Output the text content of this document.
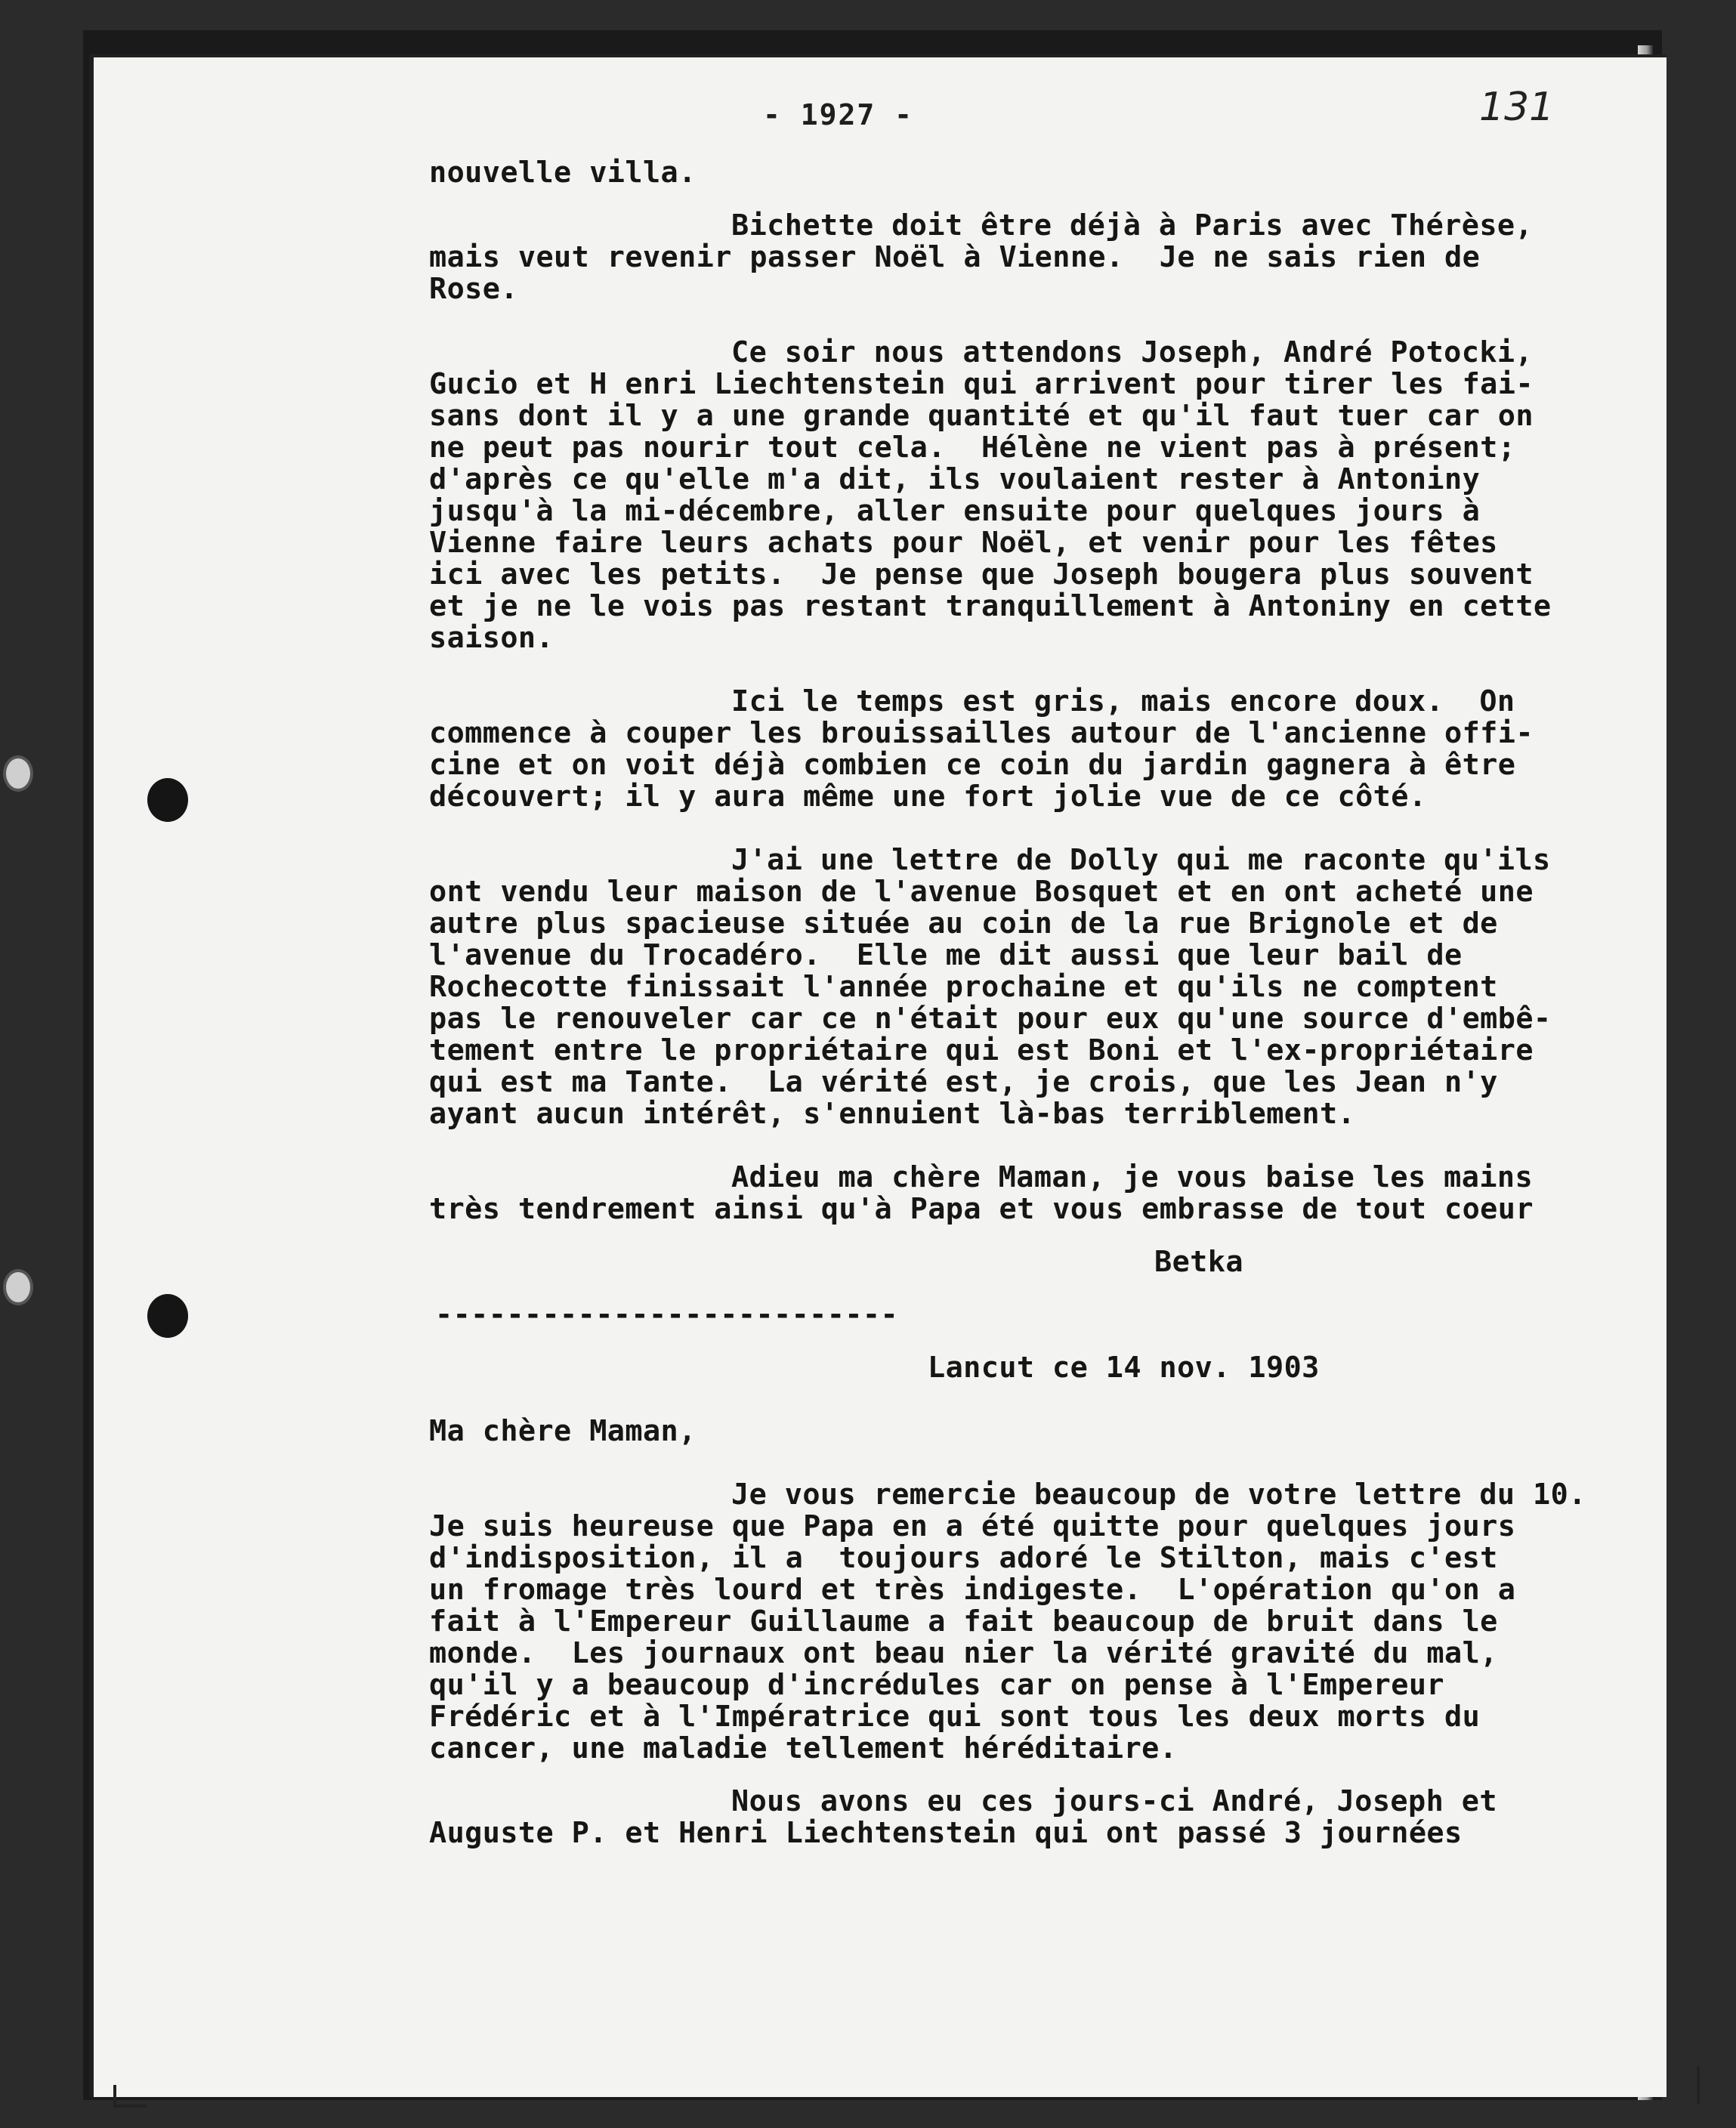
- 1927 -	131
nouvelle villa.
Bichette doit être déjà à Paris avec Thérèse,
mais veut revenir passer Noël à Vienne.  Je ne sais rien de
Rose.
Ce soir nous attendons Joseph, André Potocki,
Gucio et H enri Liechtenstein qui arrivent pour tirer les fai-
sans dont il y a une grande quantité et qu'il faut tuer car on
ne peut pas nourir tout cela.  Hélène ne vient pas à présent;
d'après ce qu'elle m'a dit, ils voulaient rester à Antoniny
jusqu'à la mi-décembre, aller ensuite pour quelques jours à
Vienne faire leurs achats pour Noël, et venir pour les fêtes
ici avec les petits.  Je pense que Joseph bougera plus souvent
et je ne le vois pas restant tranquillement à Antoniny en cette
saison.
Ici le temps est gris, mais encore doux.  On
commence à couper les brouissailles autour de l'ancienne offi-
cine et on voit déjà combien ce coin du jardin gagnera à être
découvert; il y aura même une fort jolie vue de ce côté.
J'ai une lettre de Dolly qui me raconte qu'ils
ont vendu leur maison de l'avenue Bosquet et en ont acheté une
autre plus spacieuse située au coin de la rue Brignole et de
l'avenue du Trocadéro.  Elle me dit aussi que leur bail de
Rochecotte finissait l'année prochaine et qu'ils ne comptent
pas le renouveler car ce n'était pour eux qu'une source d'embê-
tement entre le propriétaire qui est Boni et l'ex-propriétaire
qui est ma Tante.  La vérité est, je crois, que les Jean n'y
ayant aucun intérêt, s'ennuient là-bas terriblement.
Adieu ma chère Maman, je vous baise les mains
très tendrement ainsi qu'à Papa et vous embrasse de tout coeur
Betka
--------------------------
Lancut ce 14 nov. 1903
Ma chère Maman,
Je vous remercie beaucoup de votre lettre du 10.
Je suis heureuse que Papa en a été quitte pour quelques jours
d'indisposition, il a  toujours adoré le Stilton, mais c'est
un fromage très lourd et très indigeste.  L'opération qu'on a
fait à l'Empereur Guillaume a fait beaucoup de bruit dans le
monde.  Les journaux ont beau nier la vérité gravité du mal,
qu'il y a beaucoup d'incrédules car on pense à l'Empereur
Frédéric et à l'Impératrice qui sont tous les deux morts du
cancer, une maladie tellement héréditaire.
Nous avons eu ces jours-ci André, Joseph et
Auguste P. et Henri Liechtenstein qui ont passé 3 journées
